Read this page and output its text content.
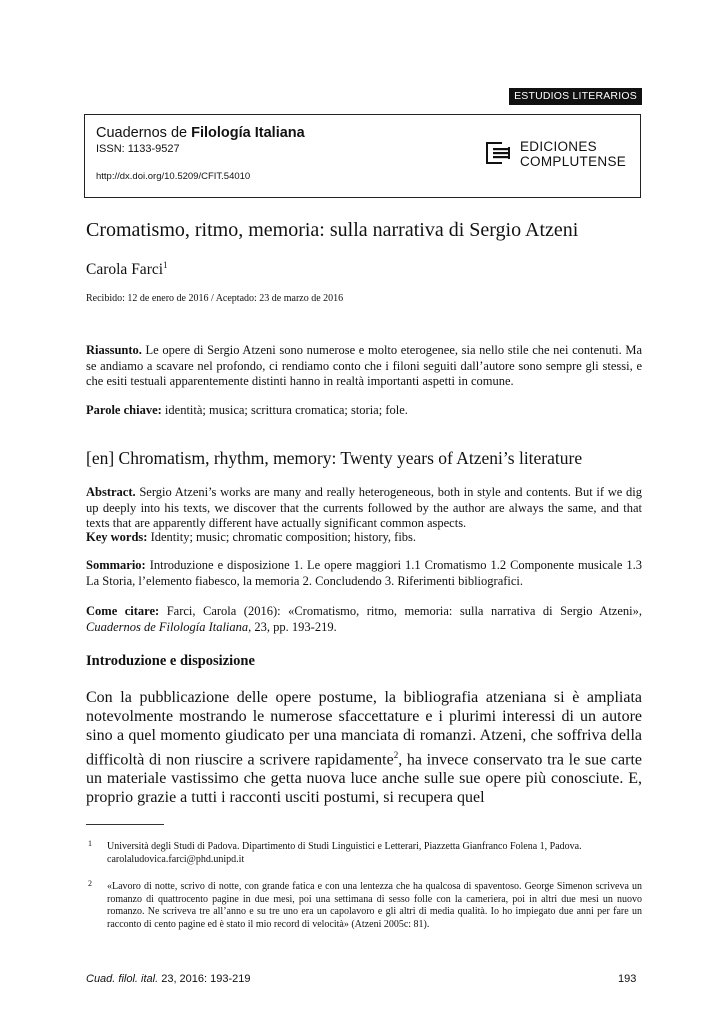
ESTUDIOS LITERARIOS
Cuadernos de Filología Italiana
ISSN: 1133-9527
http://dx.doi.org/10.5209/CFIT.54010
EDICIONES
COMPLUTENSE
Cromatismo, ritmo, memoria: sulla narrativa di Sergio Atzeni
Carola Farci$^1$
Recibido: 12 de enero de 2016 / Aceptado: 23 de marzo de 2016
Riassunto. Le opere di Sergio Atzeni sono numerose e molto eterogenee, sia nello stile che nei contenuti. Ma se andiamo a scavare nel profondo, ci rendiamo conto che i filoni seguiti dall’autore sono sempre gli stessi, e che esiti testuali apparentemente distinti hanno in realtà importanti aspetti in comune.
Parole chiave: identità; musica; scrittura cromatica; storia; fole.
[en] Chromatism, rhythm, memory: Twenty years of Atzeni’s literature
Abstract. Sergio Atzeni’s works are many and really heterogeneous, both in style and contents. But if we dig up deeply into his texts, we discover that the currents followed by the author are always the same, and that texts that are apparently different have actually significant common aspects.
Key words: Identity; music; chromatic composition; history, fibs.
Sommario: Introduzione e disposizione 1. Le opere maggiori 1.1 Cromatismo 1.2 Componente musicale 1.3 La Storia, l’elemento fiabesco, la memoria 2. Concludendo 3. Riferimenti bibliografici.
Come citare: Farci, Carola (2016): «Cromatismo, ritmo, memoria: sulla narrativa di Sergio Atzeni», Cuadernos de Filología Italiana, 23, pp. 193-219.
Introduzione e disposizione
Con la pubblicazione delle opere postume, la bibliografia atzeniana si è ampliata notevolmente mostrando le numerose sfaccettature e i plurimi interessi di un autore sino a quel momento giudicato per una manciata di romanzi. Atzeni, che soffriva della difficoltà di non riuscire a scrivere rapidamente$^2$, ha invece conservato tra le sue carte un materiale vastissimo che getta nuova luce anche sulle sue opere più conosciute. E, proprio grazie a tutti i racconti usciti postumi, si recupera quel
1 Università degli Studi di Padova. Dipartimento di Studi Linguistici e Letterari, Piazzetta Gianfranco Folena 1, Padova.
carolaludovica.farci@phd.unipd.it
2 «Lavoro di notte, scrivo di notte, con grande fatica e con una lentezza che ha qualcosa di spaventoso. George Simenon scriveva un romanzo di quattrocento pagine in due mesi, poi una settimana di sesso folle con la cameriera, poi in altri due mesi un nuovo romanzo. Ne scriveva tre all’anno e su tre uno era un capolavoro e gli altri di media qualità. Io ho impiegato due anni per fare un racconto di cento pagine ed è stato il mio record di velocità» (Atzeni 2005c: 81).
Cuad. filol. ital. 23, 2016: 193-219	193
